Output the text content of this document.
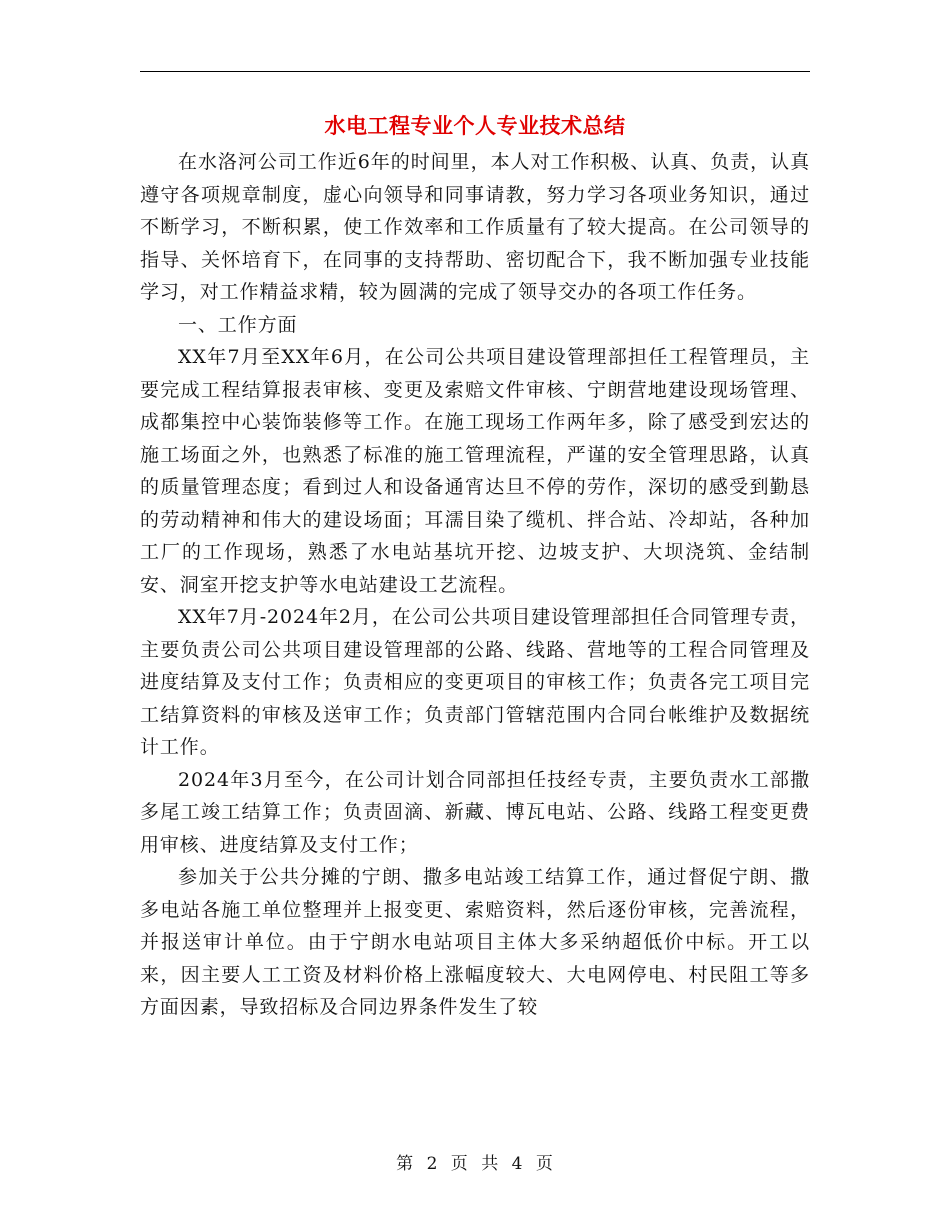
水电工程专业个人专业技术总结

在水洛河公司工作近6年的时间里，本人对工作积极、认真、负责，认真遵守各项规章制度，虚心向领导和同事请教，努力学习各项业务知识，通过不断学习，不断积累，使工作效率和工作质量有了较大提高。在公司领导的指导、关怀培育下，在同事的支持帮助、密切配合下，我不断加强专业技能学习，对工作精益求精，较为圆满的完成了领导交办的各项工作任务。

一、工作方面

XX年7月至XX年6月，在公司公共项目建设管理部担任工程管理员，主要完成工程结算报表审核、变更及索赔文件审核、宁朗营地建设现场管理、成都集控中心装饰装修等工作。在施工现场工作两年多，除了感受到宏达的施工场面之外，也熟悉了标准的施工管理流程，严谨的安全管理思路，认真的质量管理态度；看到过人和设备通宵达旦不停的劳作，深切的感受到勤恳的劳动精神和伟大的建设场面；耳濡目染了缆机、拌合站、冷却站，各种加工厂的工作现场，熟悉了水电站基坑开挖、边坡支护、大坝浇筑、金结制安、洞室开挖支护等水电站建设工艺流程。

XX年7月-2024年2月，在公司公共项目建设管理部担任合同管理专责，主要负责公司公共项目建设管理部的公路、线路、营地等的工程合同管理及进度结算及支付工作；负责相应的变更项目的审核工作；负责各完工项目完工结算资料的审核及送审工作；负责部门管辖范围内合同台帐维护及数据统计工作。

2024年3月至今，在公司计划合同部担任技经专责，主要负责水工部撒多尾工竣工结算工作；负责固滴、新藏、博瓦电站、公路、线路工程变更费用审核、进度结算及支付工作；

参加关于公共分摊的宁朗、撒多电站竣工结算工作，通过督促宁朗、撒多电站各施工单位整理并上报变更、索赔资料，然后逐份审核，完善流程，并报送审计单位。由于宁朗水电站项目主体大多采纳超低价中标。开工以来，因主要人工工资及材料价格上涨幅度较大、大电网停电、村民阻工等多方面因素，导致招标及合同边界条件发生了较

第 2 页 共 4 页
